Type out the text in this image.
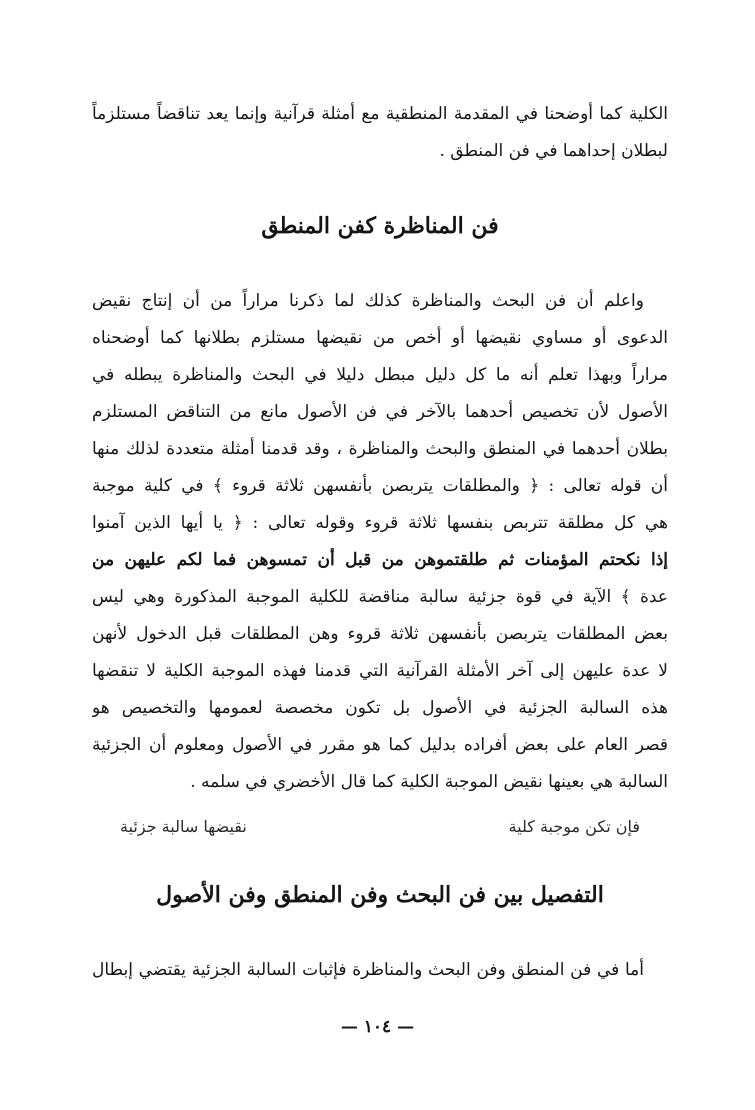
الكلية كما أوضحنا في المقدمة المنطقية مع أمثلة قرآنية وإنما يعد تناقضاً مستلزماً
لبطلان إحداهما في فن المنطق .
فن المناظرة كفن المنطق
واعلم أن فن البحث والمناظرة كذلك لما ذكرنا مراراً من أن إنتاج نقيض
الدعوى أو مساوي نقيضها أو أخص من نقيضها مستلزم بطلانها كما أوضحناه
مراراً وبهذا تعلم أنه ما كل دليل مبطل دليلا في البحث والمناظرة يبطله في
الأصول لأن تخصيص أحدهما بالآخر في فن الأصول مانع من التناقض المستلزم
بطلان أحدهما في المنطق والبحث والمناظرة ، وقد قدمنا أمثلة متعددة لذلك منها
أن قوله تعالى : ﴿ والمطلقات يتربصن بأنفسهن ثلاثة قروء ﴾ في كلية موجبة
هي كل مطلقة تتربص بنفسها ثلاثة قروء وقوله تعالى : ﴿ يا أيها الذين آمنوا
إذا نكحتم المؤمنات ثم طلقتموهن من قبل أن تمسوهن فما لكم عليهن من
عدة ﴾ الآية في قوة جزئية سالبة مناقضة للكلية الموجبة المذكورة وهي ليس
بعض المطلقات يتربصن بأنفسهن ثلاثة قروء وهن المطلقات قبل الدخول لأنهن
لا عدة عليهن إلى آخر الأمثلة القرآنية التي قدمنا فهذه الموجبة الكلية لا تنقضها
هذه السالبة الجزئية في الأصول بل تكون مخصصة لعمومها والتخصيص هو
قصر العام على بعض أفراده بدليل كما هو مقرر في الأصول ومعلوم أن الجزئية
السالبة هي بعينها نقيض الموجبة الكلية كما قال الأخضري في سلمه .
فإن تكن موجبة كلية
نقيضها سالبة جزئية
التفصيل بين فن البحث وفن المنطق وفن الأصول
أما في فن المنطق وفن البحث والمناظرة فإثبات السالبة الجزئية يقتضي إبطال
— ١٠٤ —
